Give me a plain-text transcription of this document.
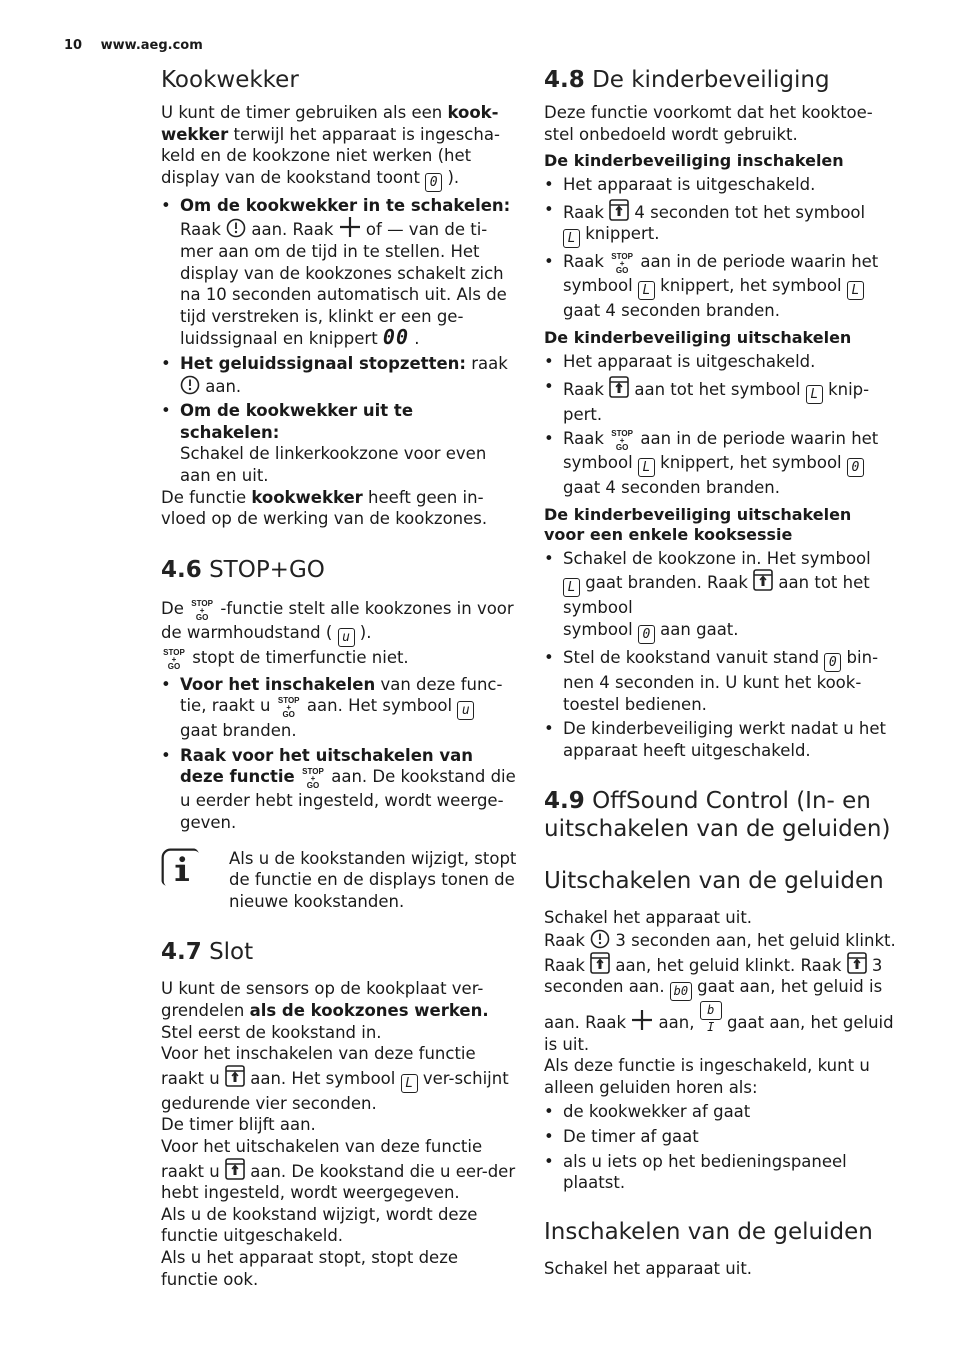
10 www.aeg.com
Kookwekker

U kunt de timer gebruiken als een kook-wekker terwijl het apparaat is ingescha-keld en de kookzone niet werken (het display van de kookstand toont 0 ).

• Om de kookwekker in te schakelen:
Raak  aan. Raak  of — van de ti-mer aan om de tijd in te stellen. Het display van de kookzones schakelt zich na 10 seconden automatisch uit. Als de tijd verstreken is, klinkt er een ge-luidssignaal en knippert 00 .
• Het geluidssignaal stopzetten: raak
aan.
• Om de kookwekker uit te schakelen:
Schakel de linkerkookzone voor even aan en uit.

De functie kookwekker heeft geen in-vloed op de werking van de kookzones.

4.6 STOP+GO

De STOP
+
GO -functie stelt alle kookzones in voor de warmhoudstand ( u ).

STOP
+
GO stopt de timerfunctie niet.

• Voor het inschakelen van deze func-tie, raakt u STOP
+
GO aan. Het symbool u
gaat branden.
• Raak voor het uitschakelen van deze functie STOP
+
GO aan. De kookstand die u eerder hebt ingesteld, wordt weerge-geven.

Als u de kookstanden wijzigt, stopt de functie en de displays tonen de nieuwe kookstanden.

4.7 Slot

U kunt de sensors op de kookplaat ver-grendelen als de kookzones werken.

Stel eerst de kookstand in.

Voor het inschakelen van deze functie raakt u  aan. Het symbool L ver-schijnt gedurende vier seconden.

De timer blijft aan.

Voor het uitschakelen van deze functie raakt u  aan. De kookstand die u eer-der hebt ingesteld, wordt weergegeven.

Als u de kookstand wijzigt, wordt deze functie uitgeschakeld.

Als u het apparaat stopt, stopt deze functie ook.

4.8 De kinderbeveiliging

Deze functie voorkomt dat het kooktoe-stel onbedoeld wordt gebruikt.

De kinderbeveiliging inschakelen
• Het apparaat is uitgeschakeld.
• Raak  4 seconden tot het symbool
L knippert.
• Raak STOP
+
GO aan in de periode waarin het symbool L knippert, het symbool L
gaat 4 seconden branden.
De kinderbeveiliging uitschakelen
• Het apparaat is uitgeschakeld.
• Raak  aan tot het symbool L knip-pert.
• Raak STOP
+
GO aan in de periode waarin het symbool L knippert, het symbool 0
gaat 4 seconden branden.
De kinderbeveiliging uitschakelen voor een enkele kooksessie
• Schakel de kookzone in. Het symbool
L gaat branden. Raak  aan tot het symbool
symbool 0 aan gaat.
• Stel de kookstand vanuit stand 0 bin-nen 4 seconden in. U kunt het kook-toestel bedienen.
• De kinderbeveiliging werkt nadat u het apparaat heeft uitgeschakeld.
4.9 OffSound Control (In- en uitschakelen van de geluiden)
Uitschakelen van de geluiden

Schakel het apparaat uit.

Raak  3 seconden aan, het geluid klinkt. Raak  aan, het geluid klinkt. Raak  3 seconden aan. b0 gaat aan, het geluid is aan. Raak  aan, b I gaat aan, het geluid is uit.

Als deze functie is ingeschakeld, kunt u alleen geluiden horen als:

• de kookwekker af gaat
• De timer af gaat
• als u iets op het bedieningspaneel plaatst.
Inschakelen van de geluiden

Schakel het apparaat uit.
